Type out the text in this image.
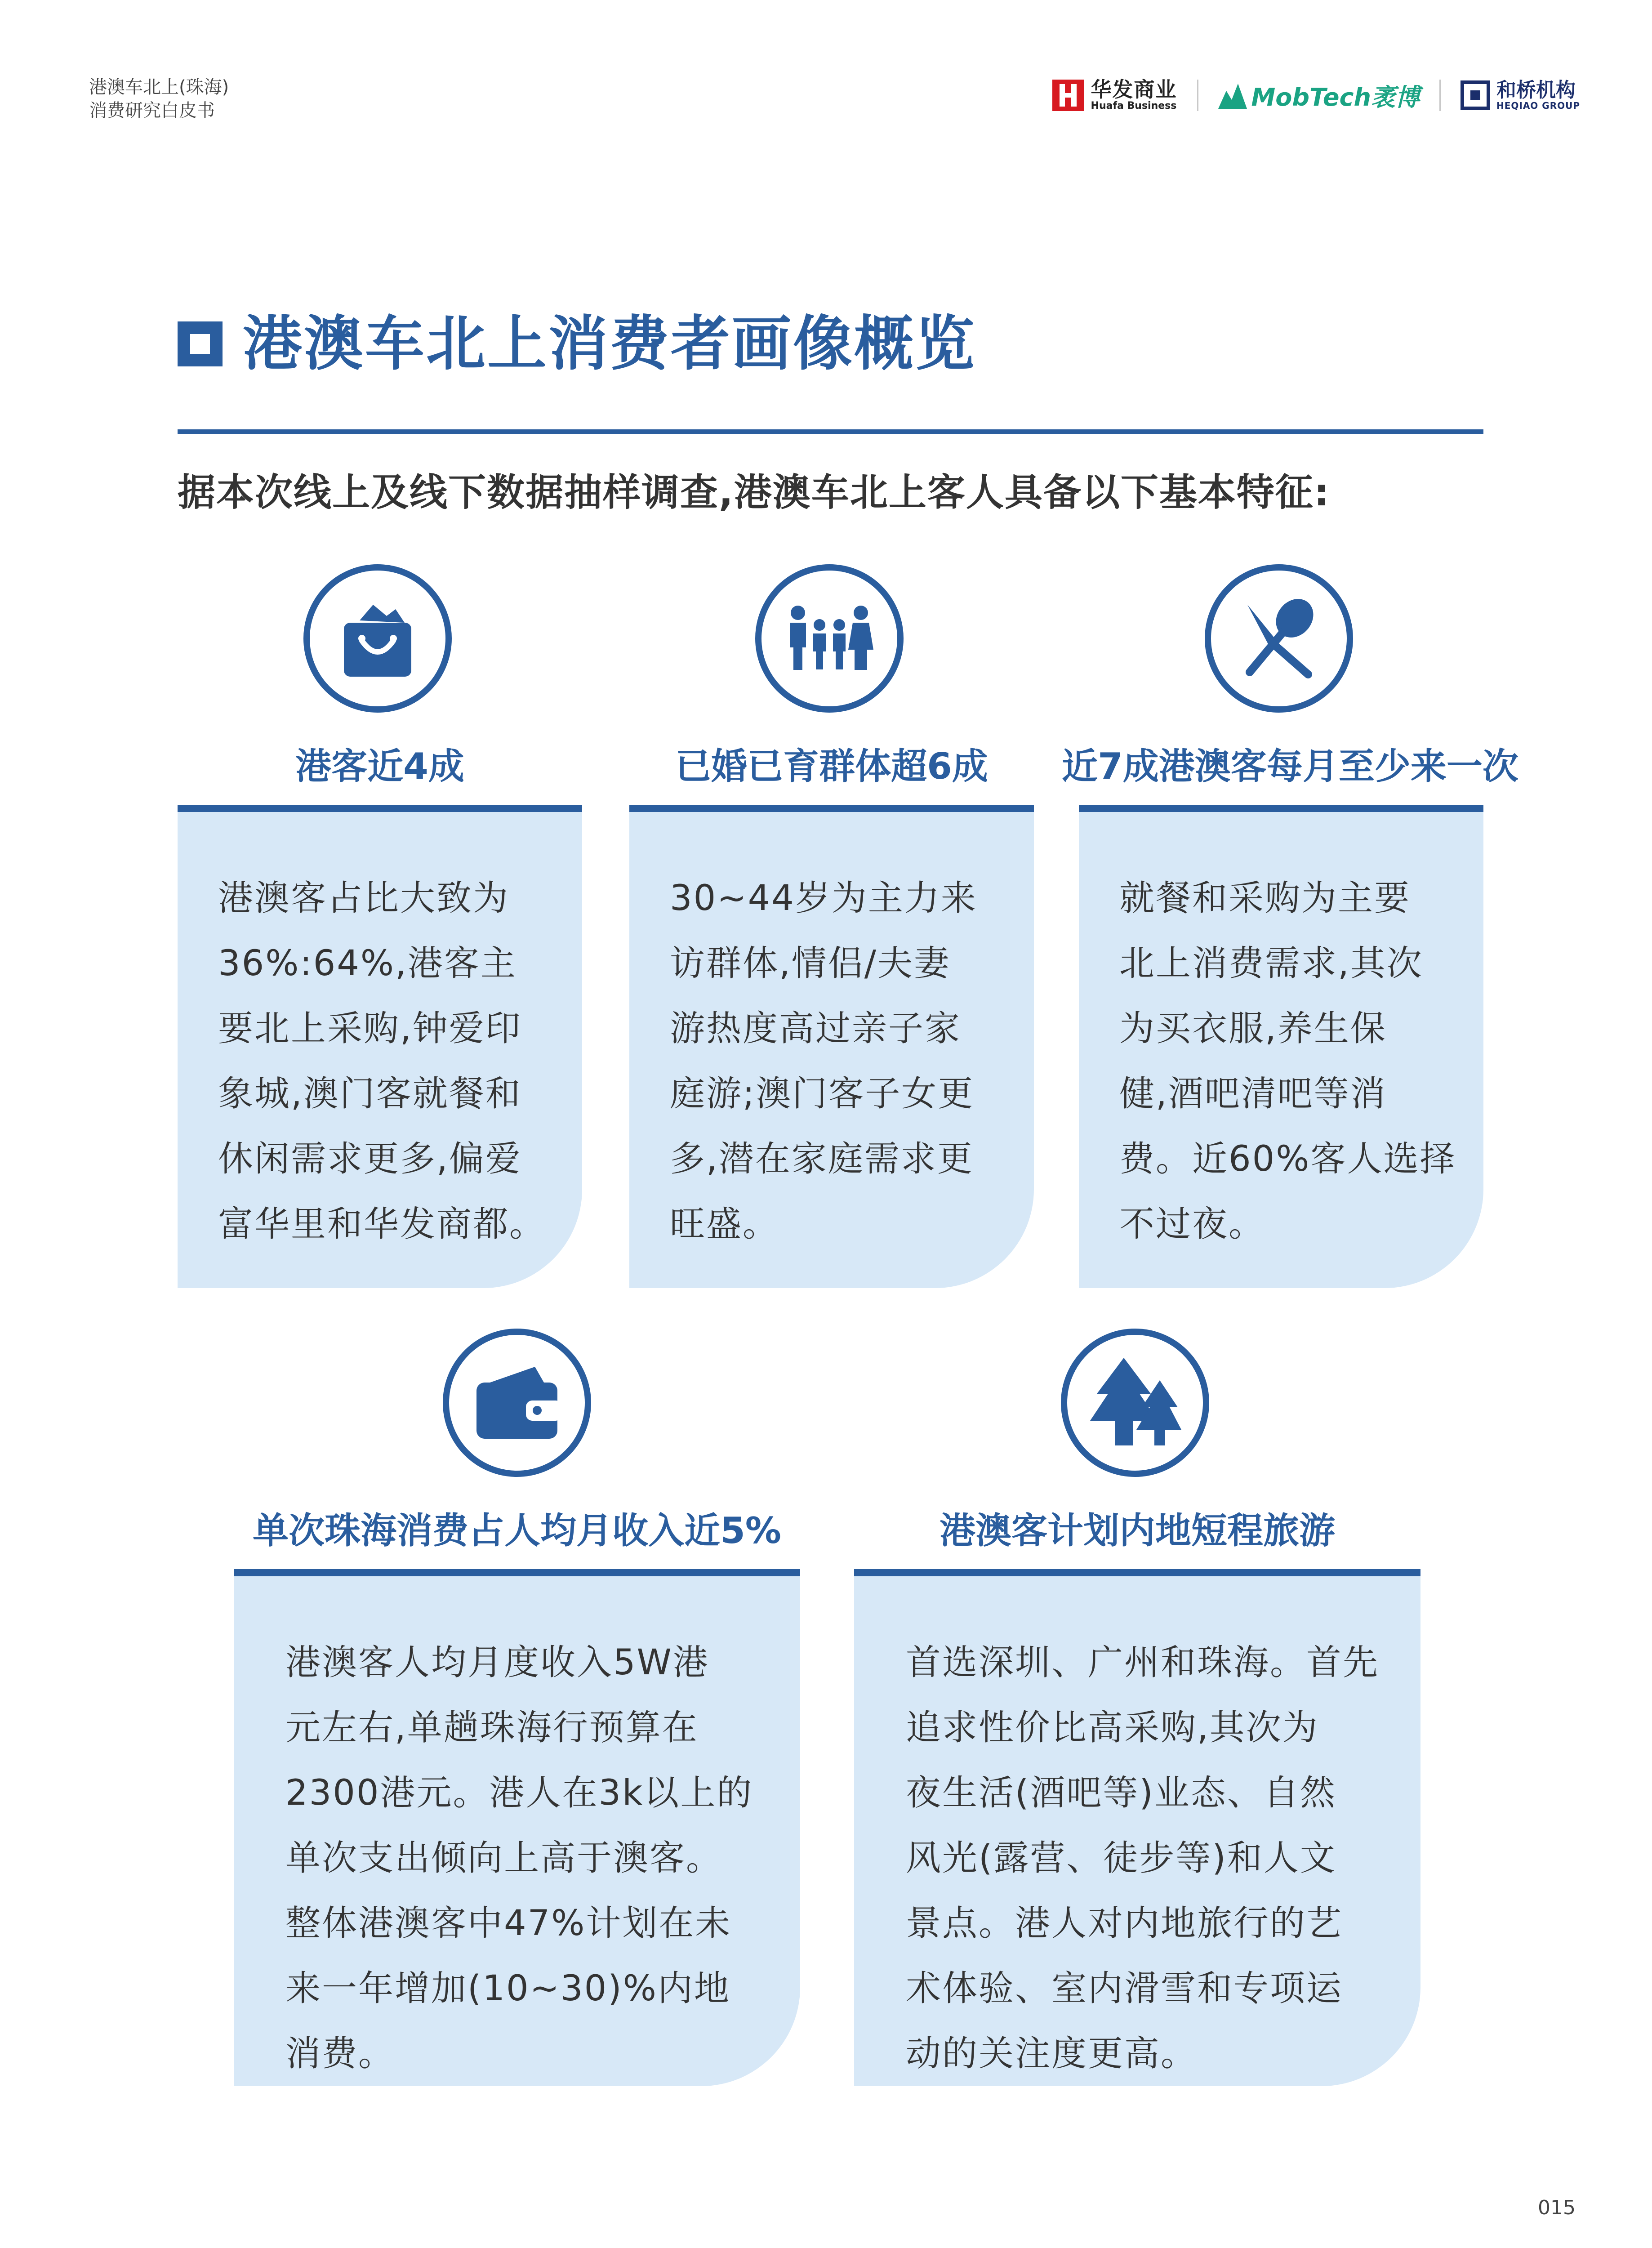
港澳车北上(珠海)
消费研究白皮书
华发商业
Huafa Business	MobTech袤博	和桥机构
HEQIAO GROUP
港澳车北上消费者画像概览
据本次线上及线下数据抽样调查,港澳车北上客人具备以下基本特征:
港客近4成
港澳客占比大致为
36%:64%,港客主
要北上采购,钟爱印
象城,澳门客就餐和
休闲需求更多,偏爱
富华里和华发商都。
已婚已育群体超6成
30~44岁为主力来
访群体,情侣/夫妻
游热度高过亲子家
庭游;澳门客子女更
多,潜在家庭需求更
旺盛。
近7成港澳客每月至少来一次
就餐和采购为主要
北上消费需求,其次
为买衣服,养生保
健,酒吧清吧等消
费。近60%客人选择
不过夜。
单次珠海消费占人均月收入近5%
港澳客人均月度收入5W港
元左右,单趟珠海行预算在
2300港元。港人在3k以上的
单次支出倾向上高于澳客。
整体港澳客中47%计划在未
来一年增加(10~30)%内地
消费。
港澳客计划内地短程旅游
首选深圳、广州和珠海。首先
追求性价比高采购,其次为
夜生活(酒吧等)业态、自然
风光(露营、徒步等)和人文
景点。港人对内地旅行的艺
术体验、室内滑雪和专项运
动的关注度更高。
015
